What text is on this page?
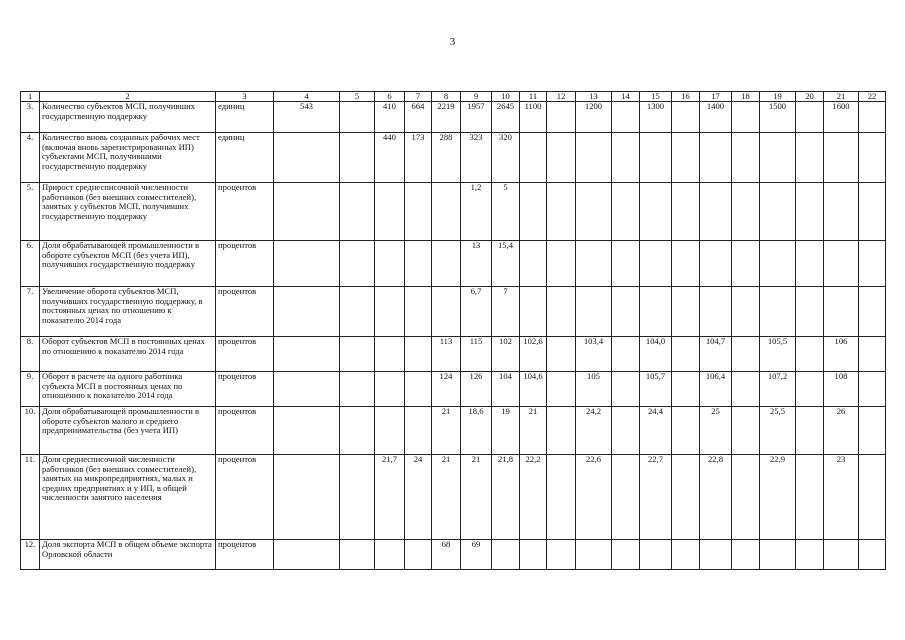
3
1	2	3	4	5	6	7	8	9	10	11	12	13	14	15	16	17	18	19	20	21	22
3.	Количество субъектов МСП, получивших государственную поддержку	единиц	543		410	664	2219	1957	2645	1100		1200		1300		1400		1500		1600	
4.	Количество вновь созданных рабочих мест (включая вновь зарегистрированных ИП) субъектами МСП, получившими государственную поддержку	единиц			440	173	288	323	320												
5.	Прирост среднесписочной численности работников (без внешних совместителей), занятых у субъектов МСП, получивших государственную поддержку	процентов						1,2	5												
6.	Доля обрабатывающей промышленности в обороте субъектов МСП (без учета ИП), получивших государственную поддержку	процентов						13	15,4												
7.	Увеличение оборота субъектов МСП, получивших государственную поддержку, в постоянных ценах по отношению к показателю 2014 года	процентов						6,7	7												
8.	Оборот субъектов МСП в постоянных ценах по отношению к показателю 2014 года	процентов					113	115	102	102,6		103,4		104,0		104,7		105,5		106	
9.	Оборот в расчете на одного работника субъекта МСП в постоянных ценах по отношению к показателю 2014 года	процентов					124	126	104	104,6		105		105,7		106,4		107,2		108	
10.	Доля обрабатывающей промышленности в обороте субъектов малого и среднего предпринимательства (без учета ИП)	процентов					21	18,6	19	21		24,2		24,4		25		25,5		26	
11.	Доля среднесписочной численности работников (без внешних совместителей), занятых на микропредприятиях, малых и средних предприятиях и у ИП, в общей численности занятого населения	процентов			21,7	24	21	21	21,8	22,2		22,6		22,7		22,8		22,9		23	
12.	Доля экспорта МСП в общем объеме экспорта Орловской области	процентов					68	69													
